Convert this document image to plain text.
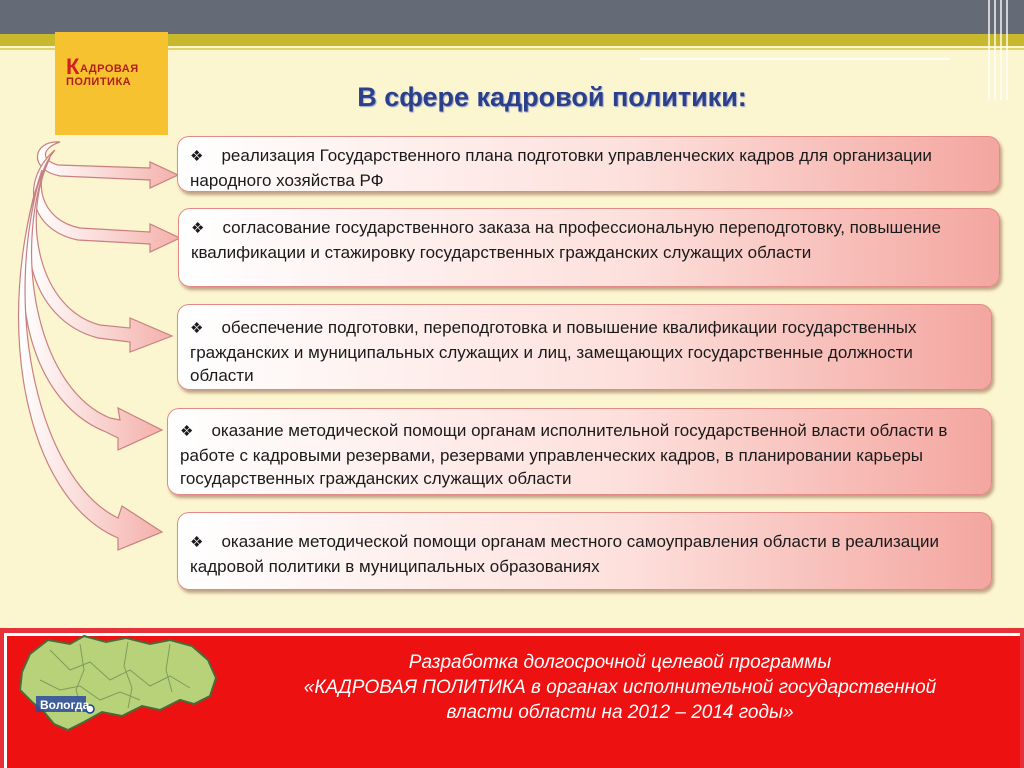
КАДРОВАЯ
ПОЛИТИКА	В сфере кадровой политики:
❖ реализация Государственного плана подготовки управленческих кадров для организации народного хозяйства РФ
❖ согласование государственного заказа на профессиональную переподготовку, повышение квалификации и стажировку государственных гражданских служащих области
❖ обеспечение подготовки, переподготовка и повышение квалификации государственных гражданских и муниципальных служащих и лиц, замещающих государственные должности области
❖ оказание методической помощи органам исполнительной государственной власти области в работе с кадровыми резервами, резервами управленческих кадров, в планировании карьеры государственных гражданских служащих области
❖ оказание методической помощи органам местного самоуправления области в реализации кадровой политики в муниципальных образованиях
Вологда
Разработка долгосрочной целевой программы
«КАДРОВАЯ ПОЛИТИКА в органах исполнительной государственной
власти области на 2012 – 2014 годы»
